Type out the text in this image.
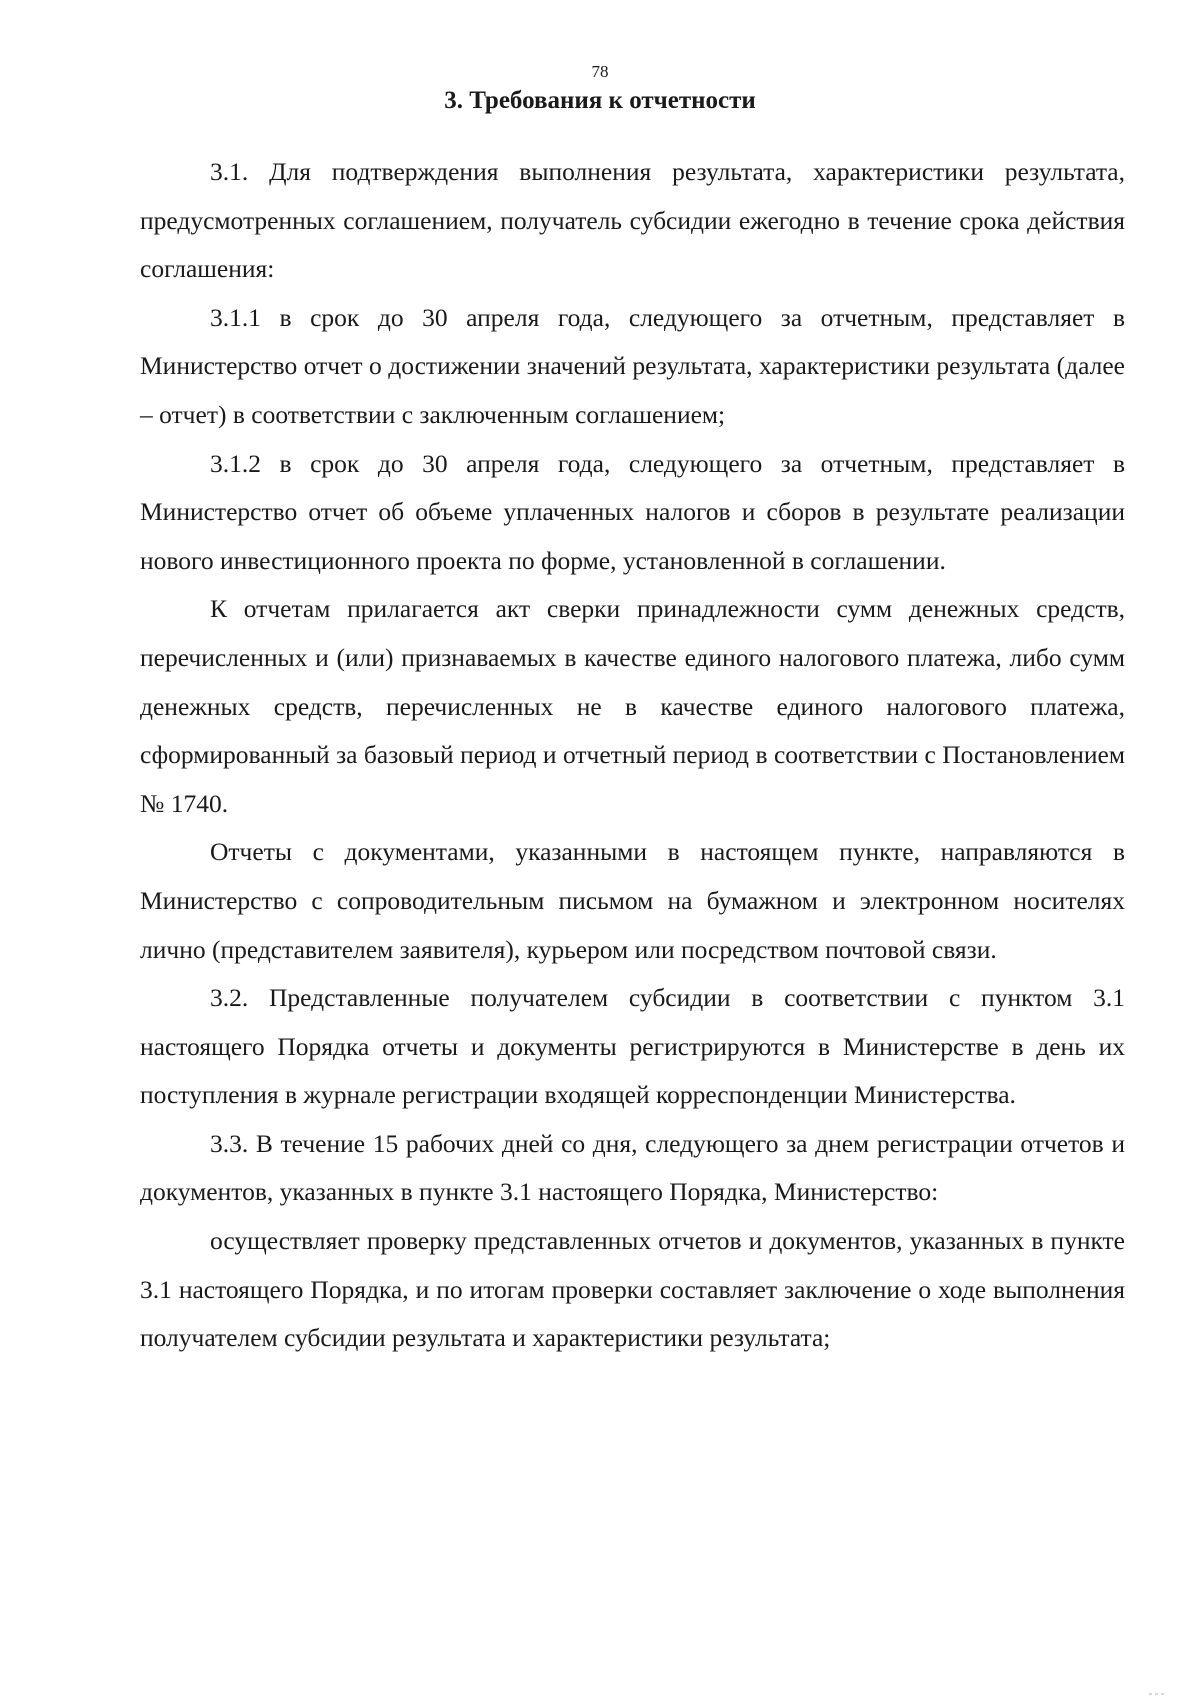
78
3. Требования к отчетности

3.1. Для подтверждения выполнения результата, характеристики результата, предусмотренных соглашением, получатель субсидии ежегодно в течение срока действия соглашения:

3.1.1 в срок до 30 апреля года, следующего за отчетным, представляет в Министерство отчет о достижении значений результата, характеристики результата (далее – отчет) в соответствии с заключенным соглашением;

3.1.2 в срок до 30 апреля года, следующего за отчетным, представляет в Министерство отчет об объеме уплаченных налогов и сборов в результате реализации нового инвестиционного проекта по форме, установленной в соглашении.

К отчетам прилагается акт сверки принадлежности сумм денежных средств, перечисленных и (или) признаваемых в качестве единого налогового платежа, либо сумм денежных средств, перечисленных не в качестве единого налогового платежа, сформированный за базовый период и отчетный период в соответствии с Постановлением № 1740.

Отчеты с документами, указанными в настоящем пункте, направляются в Министерство с сопроводительным письмом на бумажном и электронном носителях лично (представителем заявителя), курьером или посредством почтовой связи.

3.2. Представленные получателем субсидии в соответствии с пунктом 3.1 настоящего Порядка отчеты и документы регистрируются в Министерстве в день их поступления в журнале регистрации входящей корреспонденции Министерства.

3.3. В течение 15 рабочих дней со дня, следующего за днем регистрации отчетов и документов, указанных в пункте 3.1 настоящего Порядка, Министерство:

осуществляет проверку представленных отчетов и документов, указанных в пункте 3.1 настоящего Порядка, и по итогам проверки составляет заключение о ходе выполнения получателем субсидии результата и характеристики результата;
